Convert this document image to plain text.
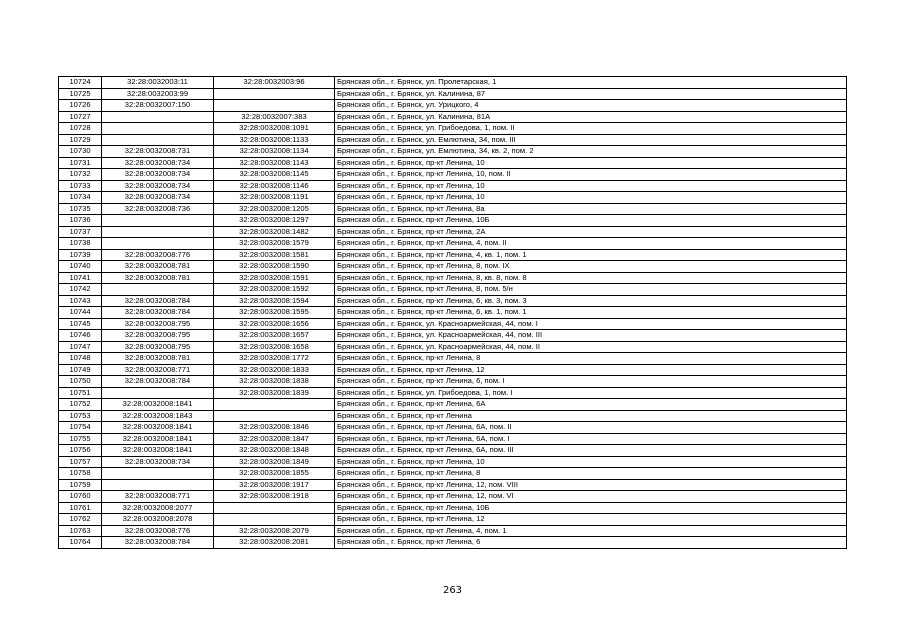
10724	32:28:0032003:11	32:28:0032003:96	Брянская обл., г. Брянск, ул. Пролетарская, 1
10725	32:28:0032003:99		Брянская обл., г. Брянск, ул. Калинина, 87
10726	32:28:0032007:150		Брянская обл., г. Брянск, ул. Урицкого, 4
10727		32:28:0032007:383	Брянская обл., г. Брянск, ул. Калинина, 81А
10728		32:28:0032008:1091	Брянская обл., г. Брянск, ул. Грибоедова, 1, пом. II
10729		32:28:0032008:1133	Брянская обл., г. Брянск, ул. Емлютина, 34, пом. III
10730	32:28:0032008:731	32:28:0032008:1134	Брянская обл., г. Брянск, ул. Емлютина, 34, кв. 2, пом. 2
10731	32:28:0032008:734	32:28:0032008:1143	Брянская обл., г. Брянск, пр-кт Ленина, 10
10732	32:28:0032008:734	32:28:0032008:1145	Брянская обл., г. Брянск, пр-кт Ленина, 10, пом. II
10733	32:28:0032008:734	32:28:0032008:1146	Брянская обл., г. Брянск, пр-кт Ленина, 10
10734	32:28:0032008:734	32:28:0032008:1191	Брянская обл., г. Брянск, пр-кт Ленина, 10
10735	32:28:0032008:736	32:28:0032008:1205	Брянская обл., г. Брянск, пр-кт Ленина, 8а
10736		32:28:0032008:1297	Брянская обл., г. Брянск, пр-кт Ленина, 10Б
10737		32:28:0032008:1482	Брянская обл., г. Брянск, пр-кт Ленина, 2А
10738		32:28:0032008:1579	Брянская обл., г. Брянск, пр-кт Ленина, 4, пом. II
10739	32:28:0032008:776	32:28:0032008:1581	Брянская обл., г. Брянск, пр-кт Ленина, 4, кв. 1, пом. 1
10740	32:28:0032008:781	32:28:0032008:1590	Брянская обл., г. Брянск, пр-кт Ленина, 8, пом. IX
10741	32:28:0032008:781	32:28:0032008:1591	Брянская обл., г. Брянск, пр-кт Ленина, 8, кв. 8, пом. 8
10742		32:28:0032008:1592	Брянская обл., г. Брянск, пр-кт Ленина, 8, пом. 5/н
10743	32:28:0032008:784	32:28:0032008:1594	Брянская обл., г. Брянск, пр-кт Ленина, 6, кв. 3, пом. 3
10744	32:28:0032008:784	32:28:0032008:1595	Брянская обл., г. Брянск, пр-кт Ленина, 6, кв. 1, пом. 1
10745	32:28:0032008:795	32:28:0032008:1656	Брянская обл., г. Брянск, ул. Красноармейская, 44, пом. I
10746	32:28:0032008:795	32:28:0032008:1657	Брянская обл., г. Брянск, ул. Красноармейская, 44, пом. III
10747	32:28:0032008:795	32:28:0032008:1658	Брянская обл., г. Брянск, ул. Красноармейская, 44, пом. II
10748	32:28:0032008:781	32:28:0032008:1772	Брянская обл., г. Брянск, пр-кт Ленина, 8
10749	32:28:0032008:771	32:28:0032008:1833	Брянская обл., г. Брянск, пр-кт Ленина, 12
10750	32:28:0032008:784	32:28:0032008:1838	Брянская обл., г. Брянск, пр-кт Ленина, 6, пом. I
10751		32:28:0032008:1839	Брянская обл., г. Брянск, ул. Грибоедова, 1, пом. I
10752	32:28:0032008:1841		Брянская обл., г. Брянск, пр-кт Ленина, 6А
10753	32:28:0032008:1843		Брянская обл., г. Брянск, пр-кт Ленина
10754	32:28:0032008:1841	32:28:0032008:1846	Брянская обл., г. Брянск, пр-кт Ленина, 6А, пом. II
10755	32:28:0032008:1841	32:28:0032008:1847	Брянская обл., г. Брянск, пр-кт Ленина, 6А, пом. I
10756	32:28:0032008:1841	32:28:0032008:1848	Брянская обл., г. Брянск, пр-кт Ленина, 6А, пом. III
10757	32:28:0032008:734	32:28:0032008:1849	Брянская обл., г. Брянск, пр-кт Ленина, 10
10758		32:28:0032008:1855	Брянская обл., г. Брянск, пр-кт Ленина, 8
10759		32:28:0032008:1917	Брянская обл., г. Брянск, пр-кт Ленина, 12, пом. VIII
10760	32:28:0032008:771	32:28:0032008:1918	Брянская обл., г. Брянск, пр-кт Ленина, 12, пом. VI
10761	32:28:0032008:2077		Брянская обл., г. Брянск, пр-кт Ленина, 10Б
10762	32:28:0032008:2078		Брянская обл., г. Брянск, пр-кт Ленина, 12
10763	32:28:0032008:776	32:28:0032008:2079	Брянская обл., г. Брянск, пр-кт Ленина, 4, пом. 1
10764	32:28:0032008:784	32:28:0032008:2081	Брянская обл., г. Брянск, пр-кт Ленина, 6
263
